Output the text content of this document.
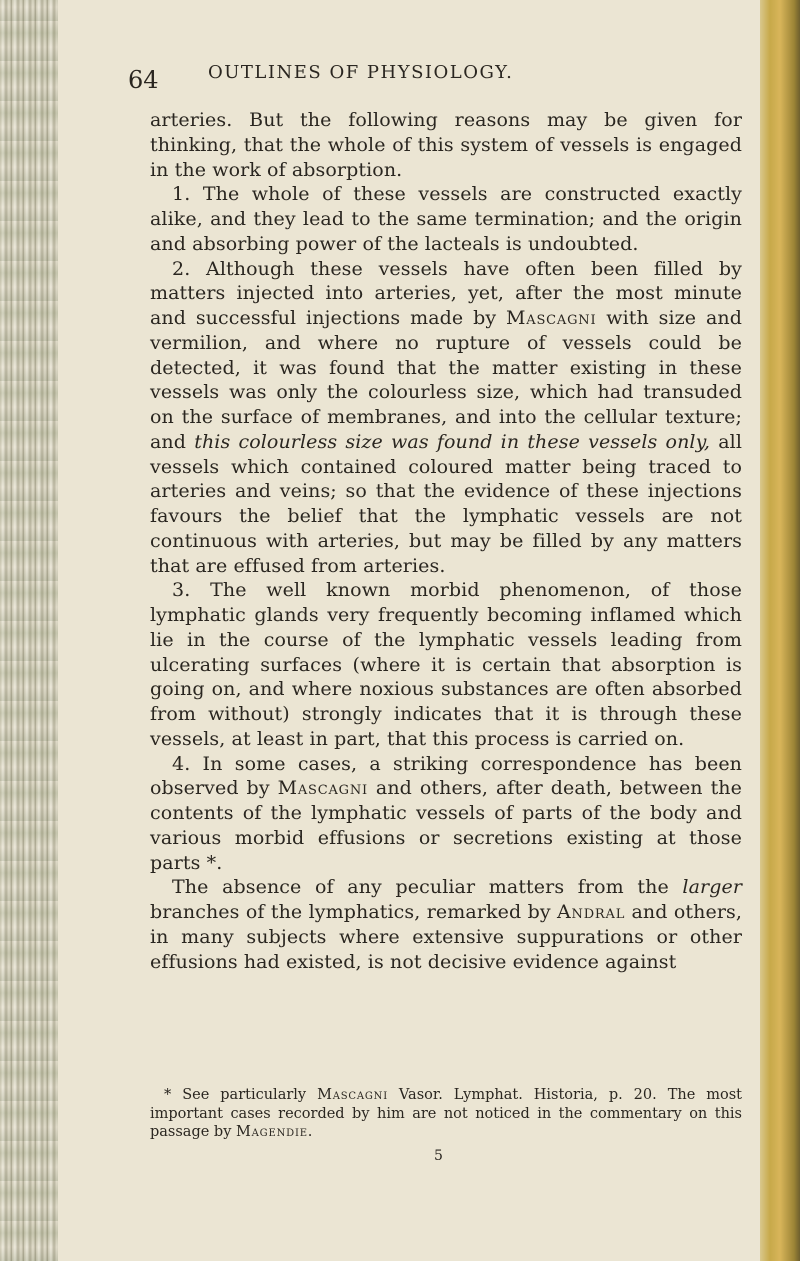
64	OUTLINES OF PHYSIOLOGY.

arteries. But the following reasons may be given for thinking, that the whole of this system of vessels is engaged in the work of absorption.

1. The whole of these vessels are constructed exactly alike, and they lead to the same termination; and the origin and absorbing power of the lacteals is undoubted.

2. Although these vessels have often been filled by matters injected into arteries, yet, after the most minute and successful injections made by Mascagni with size and vermilion, and where no rupture of vessels could be detected, it was found that the matter existing in these vessels was only the colourless size, which had transuded on the surface of membranes, and into the cellular texture; and this colourless size was found in these vessels only, all vessels which contained coloured matter being traced to arteries and veins; so that the evidence of these injections favours the belief that the lymphatic vessels are not continuous with arteries, but may be filled by any matters that are effused from arteries.

3. The well known morbid phenomenon, of those lymphatic glands very frequently becoming inflamed which lie in the course of the lymphatic vessels leading from ulcerating surfaces (where it is certain that absorption is going on, and where noxious substances are often absorbed from without) strongly indicates that it is through these vessels, at least in part, that this process is carried on.

4. In some cases, a striking correspondence has been observed by Mascagni and others, after death, between the contents of the lymphatic vessels of parts of the body and various morbid effusions or secretions existing at those parts *.

The absence of any peculiar matters from the larger branches of the lymphatics, remarked by Andral and others, in many subjects where extensive suppurations or other effusions had existed, is not decisive evidence against

* See particularly Mascagni Vasor. Lymphat. Historia, p. 20. The most important cases recorded by him are not noticed in the commentary on this passage by Magendie.

5
